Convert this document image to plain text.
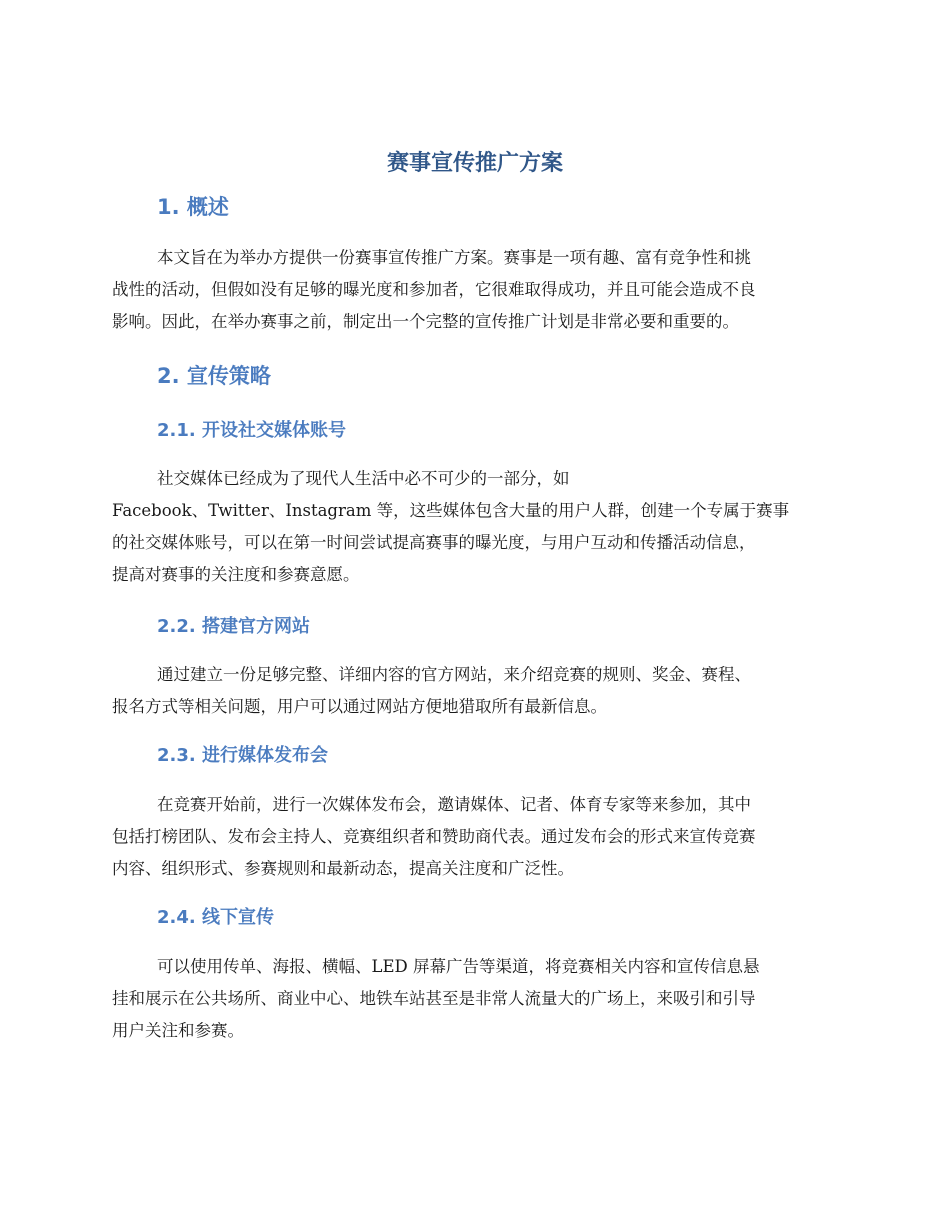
赛事宣传推广方案
1. 概述
本文旨在为举办方提供一份赛事宣传推广方案。赛事是一项有趣、富有竞争性和挑
战性的活动，但假如没有足够的曝光度和参加者，它很难取得成功，并且可能会造成不良
影响。因此，在举办赛事之前，制定出一个完整的宣传推广计划是非常必要和重要的。
2. 宣传策略
2.1. 开设社交媒体账号
社交媒体已经成为了现代人生活中必不可少的一部分，如
Facebook、Twitter、Instagram 等，这些媒体包含大量的用户人群，创建一个专属于赛事
的社交媒体账号，可以在第一时间尝试提高赛事的曝光度，与用户互动和传播活动信息，
提高对赛事的关注度和参赛意愿。
2.2. 搭建官方网站
通过建立一份足够完整、详细内容的官方网站，来介绍竞赛的规则、奖金、赛程、
报名方式等相关问题，用户可以通过网站方便地猎取所有最新信息。
2.3. 进行媒体发布会
在竞赛开始前，进行一次媒体发布会，邀请媒体、记者、体育专家等来参加，其中
包括打榜团队、发布会主持人、竞赛组织者和赞助商代表。通过发布会的形式来宣传竞赛
内容、组织形式、参赛规则和最新动态，提高关注度和广泛性。
2.4. 线下宣传
可以使用传单、海报、横幅、LED 屏幕广告等渠道，将竞赛相关内容和宣传信息悬
挂和展示在公共场所、商业中心、地铁车站甚至是非常人流量大的广场上，来吸引和引导
用户关注和参赛。
